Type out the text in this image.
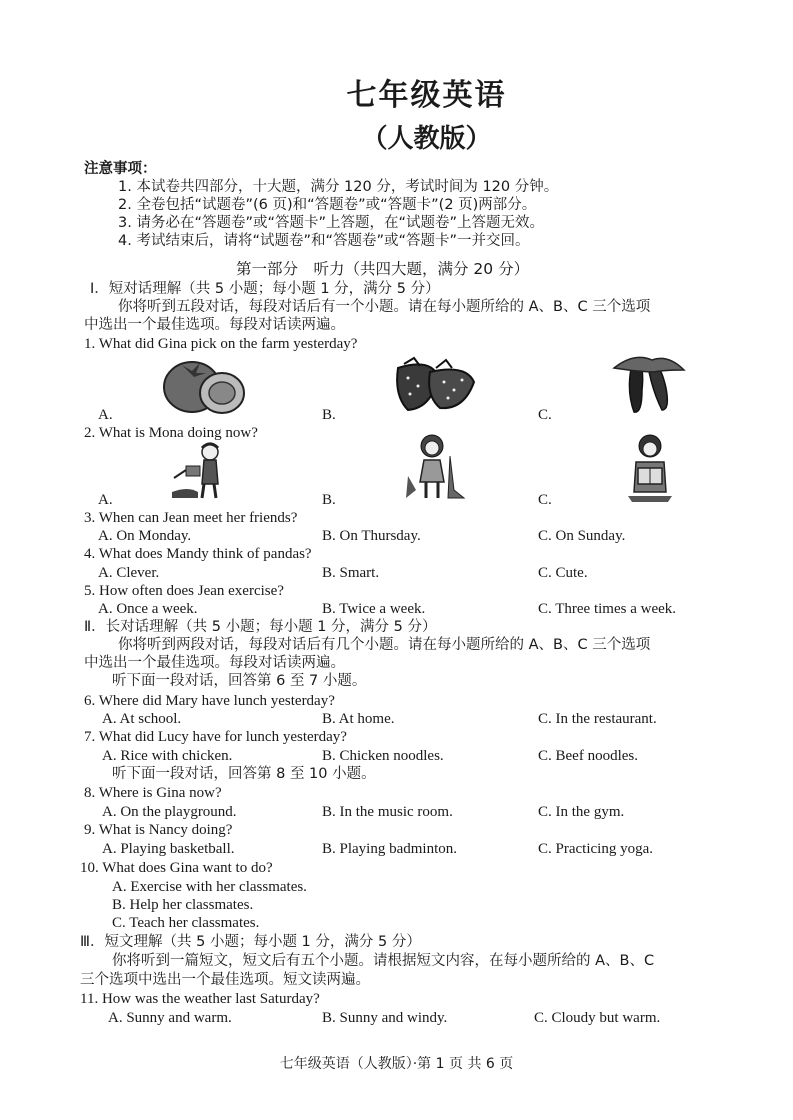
七年级英语
（人教版）
注意事项：
1. 本试卷共四部分，十大题，满分 120 分，考试时间为 120 分钟。
2. 全卷包括“试题卷”(6 页)和“答题卷”或“答题卡”(2 页)两部分。
3. 请务必在“答题卷”或“答题卡”上答题，在“试题卷”上答题无效。
4. 考试结束后，请将“试题卷”和“答题卷”或“答题卡”一并交回。
第一部分　听力（共四大题，满分 20 分）
Ⅰ．短对话理解（共 5 小题；每小题 1 分，满分 5 分）
你将听到五段对话，每段对话后有一个小题。请在每小题所给的 A、B、C 三个选项
中选出一个最佳选项。每段对话读两遍。
1. What did Gina pick on the farm yesterday?
A.	B.	C.
2. What is Mona doing now?
A.	B.	C.
3. When can Jean meet her friends?
A. On Monday.	B. On Thursday.	C. On Sunday.
4. What does Mandy think of pandas?
A. Clever.	B. Smart.	C. Cute.
5. How often does Jean exercise?
A. Once a week.	B. Twice a week.	C. Three times a week.
Ⅱ．长对话理解（共 5 小题；每小题 1 分，满分 5 分）
你将听到两段对话，每段对话后有几个小题。请在每小题所给的 A、B、C 三个选项
中选出一个最佳选项。每段对话读两遍。
听下面一段对话，回答第 6 至 7 小题。
6. Where did Mary have lunch yesterday?
A. At school.	B. At home.	C. In the restaurant.
7. What did Lucy have for lunch yesterday?
A. Rice with chicken.	B. Chicken noodles.	C. Beef noodles.
听下面一段对话，回答第 8 至 10 小题。
8. Where is Gina now?
A. On the playground.	B. In the music room.	C. In the gym.
9. What is Nancy doing?
A. Playing basketball.	B. Playing badminton.	C. Practicing yoga.
10. What does Gina want to do?
A. Exercise with her classmates.
B. Help her classmates.
C. Teach her classmates.
Ⅲ．短文理解（共 5 小题；每小题 1 分，满分 5 分）
你将听到一篇短文，短文后有五个小题。请根据短文内容，在每小题所给的 A、B、C
三个选项中选出一个最佳选项。短文读两遍。
11. How was the weather last Saturday?
A. Sunny and warm.	B. Sunny and windy.	C. Cloudy but warm.
七年级英语（人教版）·第 1 页 共 6 页
